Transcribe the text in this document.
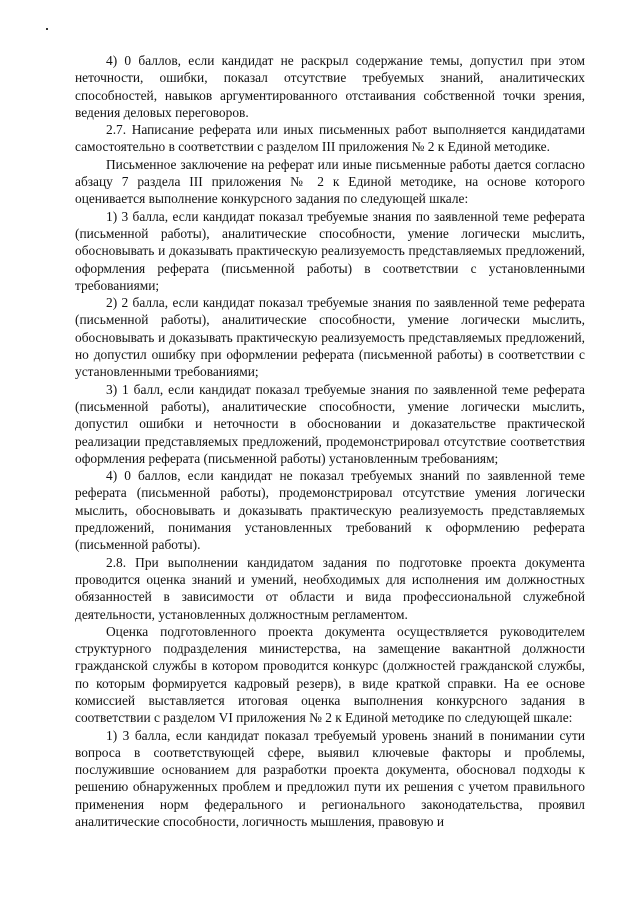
4) 0 баллов, если кандидат не раскрыл содержание темы, допустил при этом неточности, ошибки, показал отсутствие требуемых знаний, аналитических способностей, навыков аргументированного отстаивания собственной точки зрения, ведения деловых переговоров.

2.7. Написание реферата или иных письменных работ выполняется кандидатами самостоятельно в соответствии с разделом III приложения № 2 к Единой методике.

Письменное заключение на реферат или иные письменные работы дается согласно абзацу 7 раздела III приложения № 2 к Единой методике, на основе которого оценивается выполнение конкурсного задания по следующей шкале:

1) 3 балла, если кандидат показал требуемые знания по заявленной теме реферата (письменной работы), аналитические способности, умение логически мыслить, обосновывать и доказывать практическую реализуемость представляемых предложений, оформления реферата (письменной работы) в соответствии с установленными требованиями;

2) 2 балла, если кандидат показал требуемые знания по заявленной теме реферата (письменной работы), аналитические способности, умение логически мыслить, обосновывать и доказывать практическую реализуемость представляемых предложений, но допустил ошибку при оформлении реферата (письменной работы) в соответствии с установленными требованиями;

3) 1 балл, если кандидат показал требуемые знания по заявленной теме реферата (письменной работы), аналитические способности, умение логически мыслить, допустил ошибки и неточности в обосновании и доказательстве практической реализации представляемых предложений, продемонстрировал отсутствие соответствия оформления реферата (письменной работы) установленным требованиям;

4) 0 баллов, если кандидат не показал требуемых знаний по заявленной теме реферата (письменной работы), продемонстрировал отсутствие умения логически мыслить, обосновывать и доказывать практическую реализуемость представляемых предложений, понимания установленных требований к оформлению реферата (письменной работы).

2.8. При выполнении кандидатом задания по подготовке проекта документа проводится оценка знаний и умений, необходимых для исполнения им должностных обязанностей в зависимости от области и вида профессиональной служебной деятельности, установленных должностным регламентом.

Оценка подготовленного проекта документа осуществляется руководителем структурного подразделения министерства, на замещение вакантной должности гражданской службы в котором проводится конкурс (должностей гражданской службы, по которым формируется кадровый резерв), в виде краткой справки. На ее основе комиссией выставляется итоговая оценка выполнения конкурсного задания в соответствии с разделом VI приложения № 2 к Единой методике по следующей шкале:

1) 3 балла, если кандидат показал требуемый уровень знаний в понимании сути вопроса в соответствующей сфере, выявил ключевые факторы и проблемы, послужившие основанием для разработки проекта документа, обосновал подходы к решению обнаруженных проблем и предложил пути их решения с учетом правильного применения норм федерального и регионального законодательства, проявил аналитические способности, логичность мышления, правовую и
